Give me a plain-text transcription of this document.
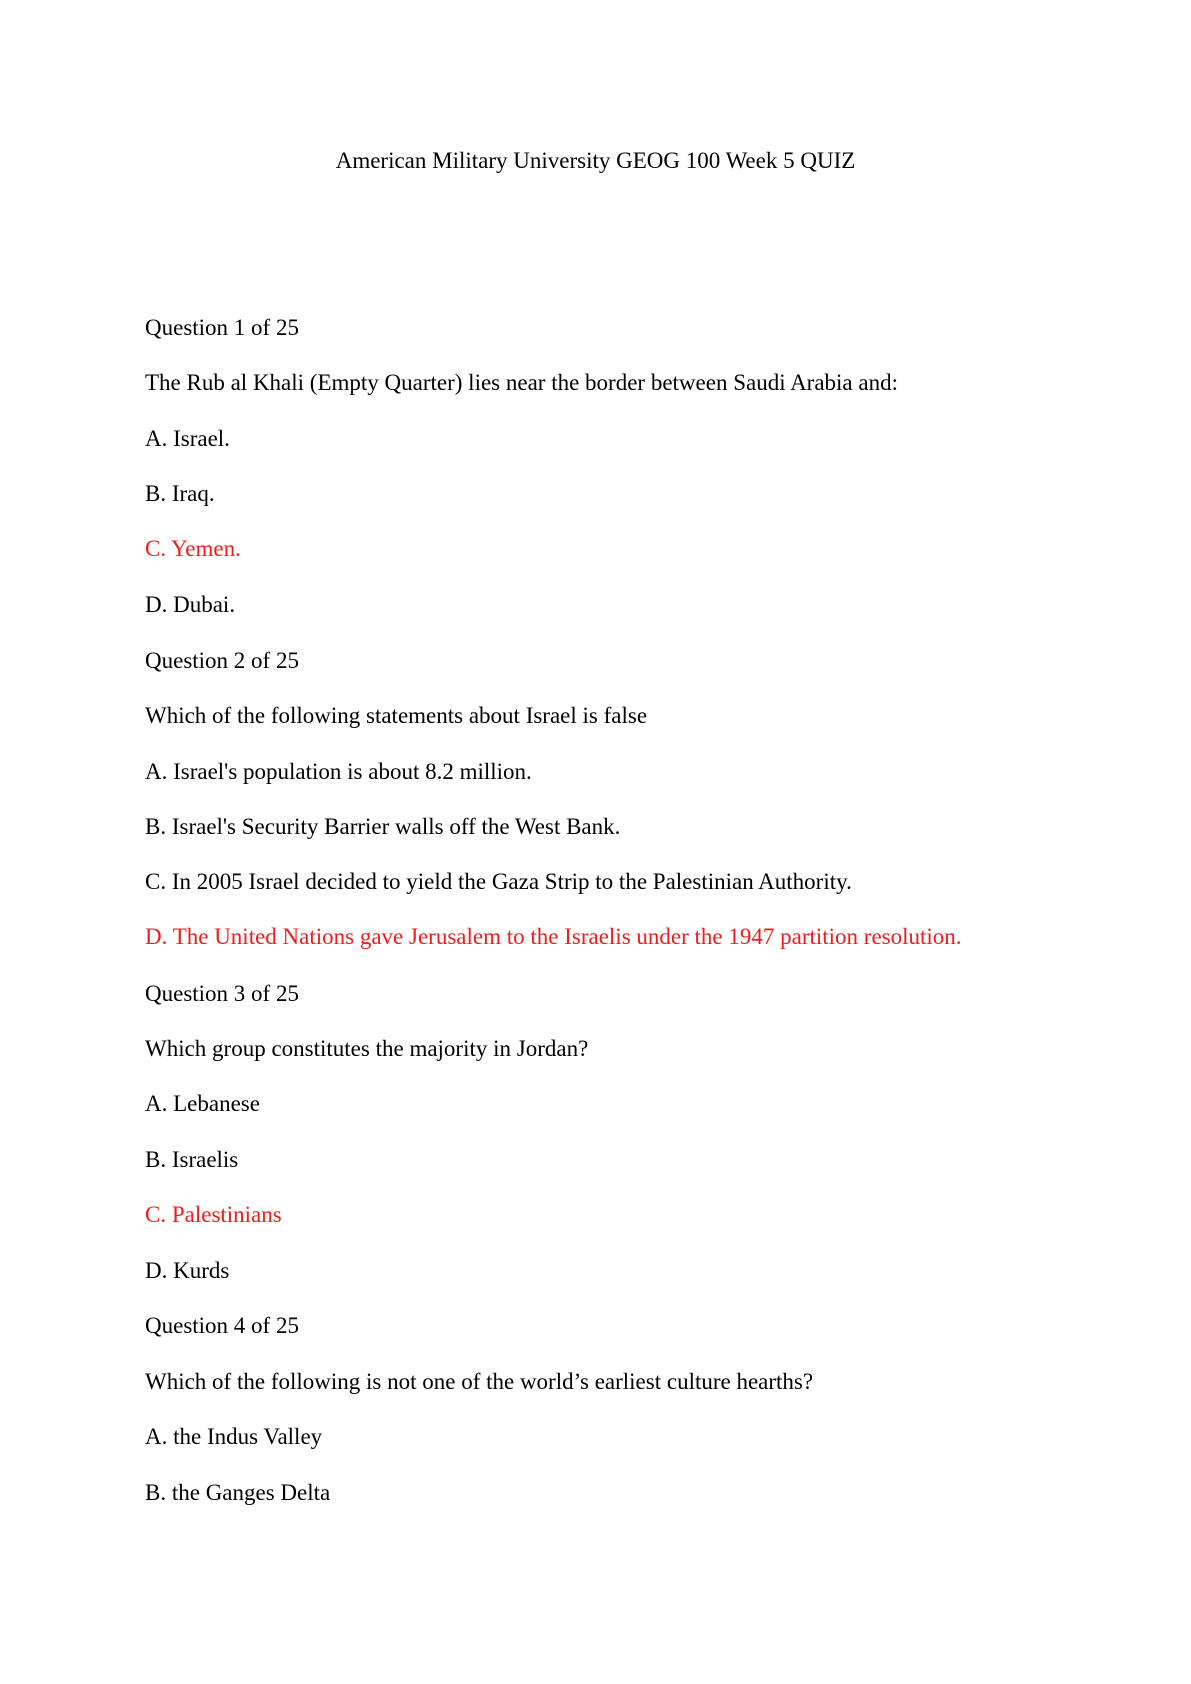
American Military University GEOG 100 Week 5 QUIZ

Question 1 of 25

The Rub al Khali (Empty Quarter) lies near the border between Saudi Arabia and:

A. Israel.

B. Iraq.

C. Yemen.

D. Dubai.

Question 2 of 25

Which of the following statements about Israel is false

A. Israel's population is about 8.2 million.

B. Israel's Security Barrier walls off the West Bank.

C. In 2005 Israel decided to yield the Gaza Strip to the Palestinian Authority.

D. The United Nations gave Jerusalem to the Israelis under the 1947 partition resolution.

Question 3 of 25

Which group constitutes the majority in Jordan?

A. Lebanese

B. Israelis

C. Palestinians

D. Kurds

Question 4 of 25

Which of the following is not one of the world’s earliest culture hearths?

A. the Indus Valley

B. the Ganges Delta
